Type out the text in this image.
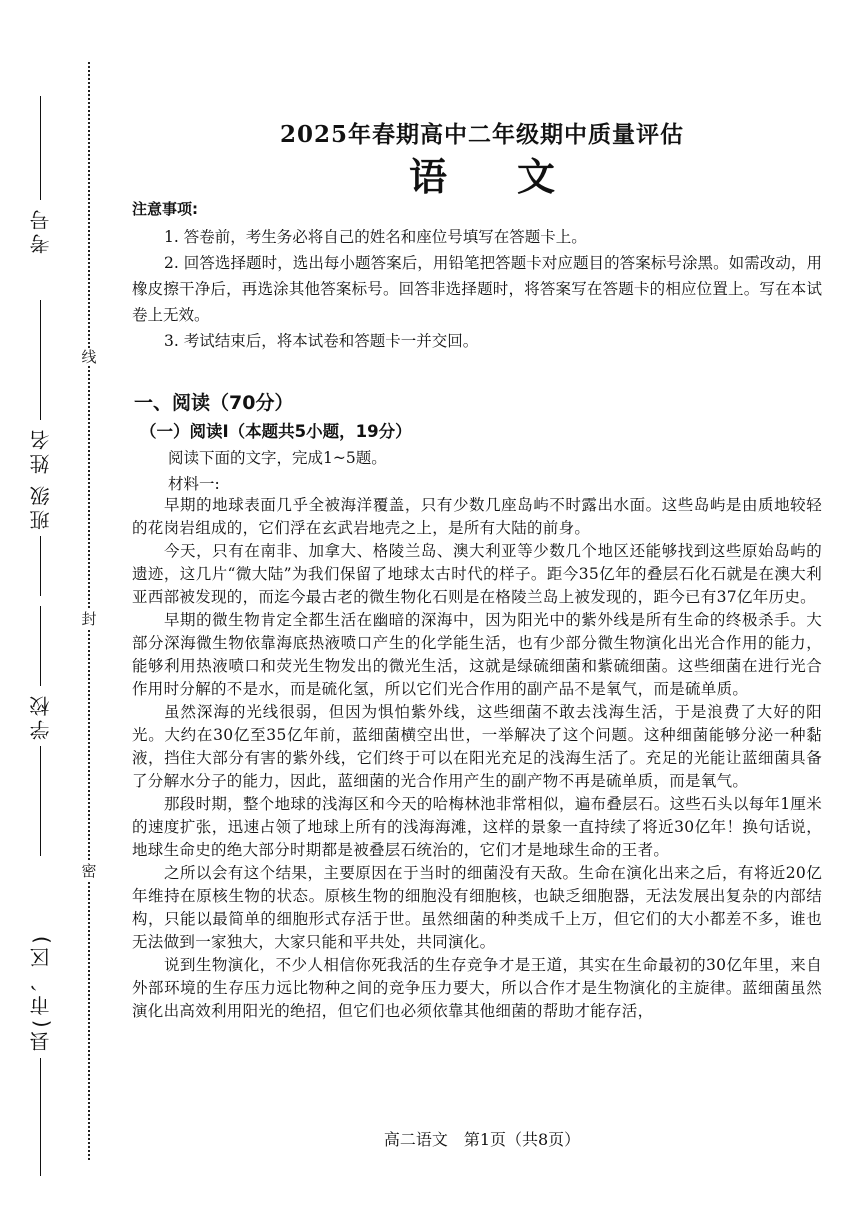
线
封
密
考号
姓名
班级
学校
县(市、区)
2025年春期高中二年级期中质量评估
语文
注意事项:

1. 答卷前，考生务必将自己的姓名和座位号填写在答题卡上。

2. 回答选择题时，选出每小题答案后，用铅笔把答题卡对应题目的答案标号涂黑。如需改动，用橡皮擦干净后，再选涂其他答案标号。回答非选择题时，将答案写在答题卡的相应位置上。写在本试卷上无效。

3. 考试结束后，将本试卷和答题卡一并交回。

一、阅读（70分）
（一）阅读Ⅰ（本题共5小题，19分）
阅读下面的文字，完成1~5题。
材料一:

早期的地球表面几乎全被海洋覆盖，只有少数几座岛屿不时露出水面。这些岛屿是由质地较轻的花岗岩组成的，它们浮在玄武岩地壳之上，是所有大陆的前身。

今天，只有在南非、加拿大、格陵兰岛、澳大利亚等少数几个地区还能够找到这些原始岛屿的遗迹，这几片“微大陆”为我们保留了地球太古时代的样子。距今35亿年的叠层石化石就是在澳大利亚西部被发现的，而迄今最古老的微生物化石则是在格陵兰岛上被发现的，距今已有37亿年历史。

早期的微生物肯定全都生活在幽暗的深海中，因为阳光中的紫外线是所有生命的终极杀手。大部分深海微生物依靠海底热液喷口产生的化学能生活，也有少部分微生物演化出光合作用的能力，能够利用热液喷口和荧光生物发出的微光生活，这就是绿硫细菌和紫硫细菌。这些细菌在进行光合作用时分解的不是水，而是硫化氢，所以它们光合作用的副产品不是氧气，而是硫单质。

虽然深海的光线很弱，但因为惧怕紫外线，这些细菌不敢去浅海生活，于是浪费了大好的阳光。大约在30亿至35亿年前，蓝细菌横空出世，一举解决了这个问题。这种细菌能够分泌一种黏液，挡住大部分有害的紫外线，它们终于可以在阳光充足的浅海生活了。充足的光能让蓝细菌具备了分解水分子的能力，因此，蓝细菌的光合作用产生的副产物不再是硫单质，而是氧气。

那段时期，整个地球的浅海区和今天的哈梅林池非常相似，遍布叠层石。这些石头以每年1厘米的速度扩张，迅速占领了地球上所有的浅海海滩，这样的景象一直持续了将近30亿年！换句话说，地球生命史的绝大部分时期都是被叠层石统治的，它们才是地球生命的王者。

之所以会有这个结果，主要原因在于当时的细菌没有天敌。生命在演化出来之后，有将近20亿年维持在原核生物的状态。原核生物的细胞没有细胞核，也缺乏细胞器，无法发展出复杂的内部结构，只能以最简单的细胞形式存活于世。虽然细菌的种类成千上万，但它们的大小都差不多，谁也无法做到一家独大，大家只能和平共处，共同演化。

说到生物演化，不少人相信你死我活的生存竞争才是王道，其实在生命最初的30亿年里，来自外部环境的生存压力远比物种之间的竞争压力要大，所以合作才是生物演化的主旋律。蓝细菌虽然演化出高效利用阳光的绝招，但它们也必须依靠其他细菌的帮助才能存活，

高二语文　第1页（共8页）
